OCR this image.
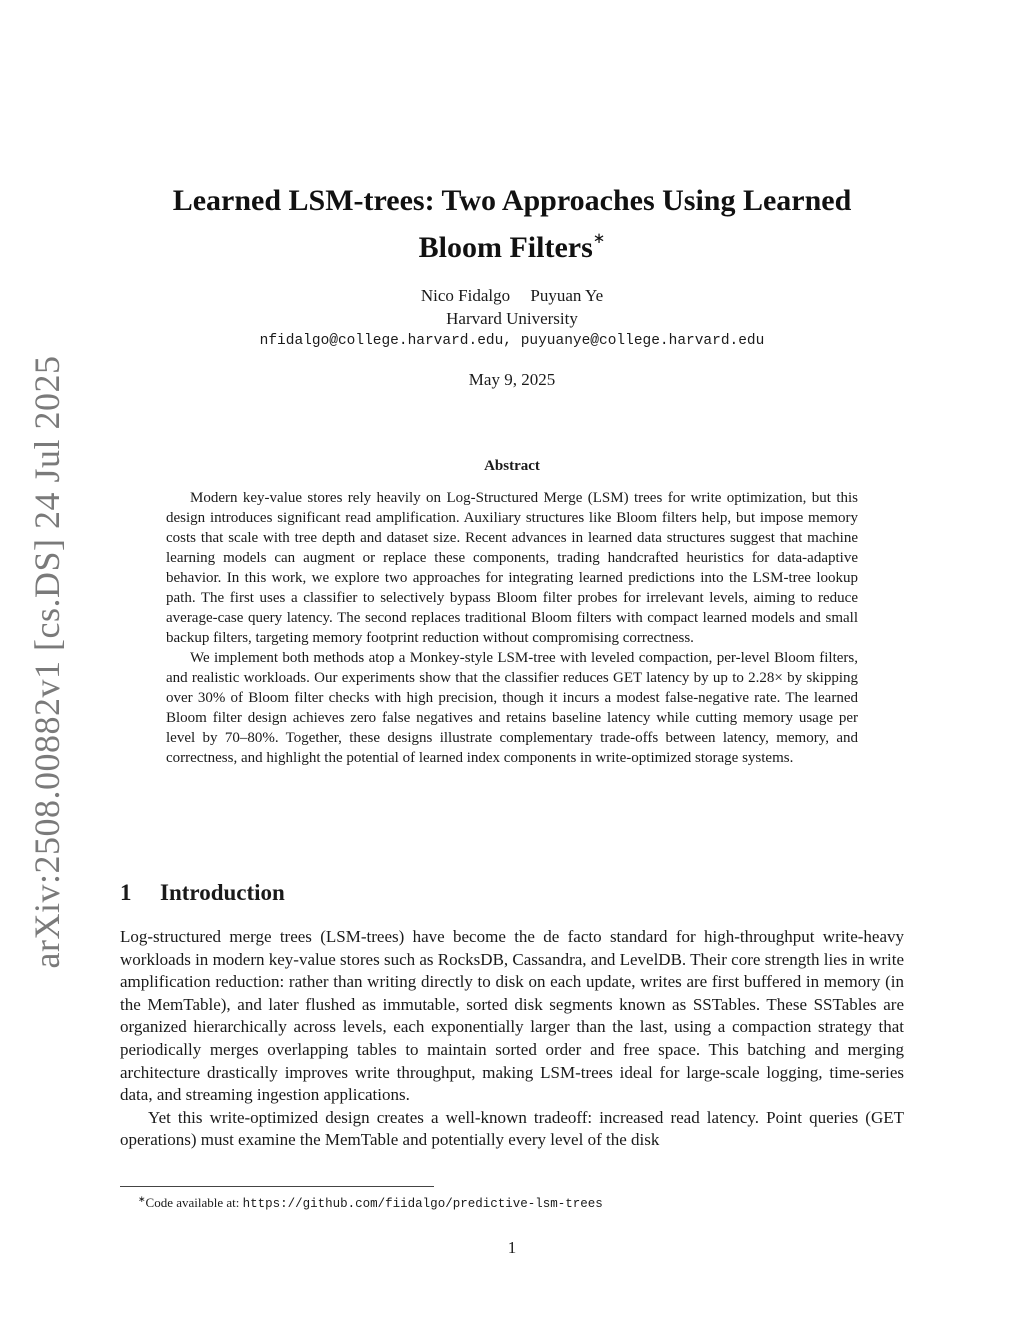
arXiv:2508.00882v1 [cs.DS] 24 Jul 2025
Learned LSM-trees: Two Approaches Using Learned
Bloom Filters∗
Nico Fidalgo Puyuan Ye
Harvard University
nfidalgo@college.harvard.edu, puyuanye@college.harvard.edu
May 9, 2025
Abstract

Modern key-value stores rely heavily on Log-Structured Merge (LSM) trees for write optimization, but this design introduces significant read amplification. Auxiliary structures like Bloom filters help, but impose memory costs that scale with tree depth and dataset size. Recent advances in learned data structures suggest that machine learning models can augment or replace these components, trading handcrafted heuristics for data-adaptive behavior. In this work, we explore two approaches for integrating learned predictions into the LSM-tree lookup path. The first uses a classifier to selectively bypass Bloom filter probes for irrelevant levels, aiming to reduce average-case query latency. The second replaces traditional Bloom filters with compact learned models and small backup filters, targeting memory footprint reduction without compromising correctness.

We implement both methods atop a Monkey-style LSM-tree with leveled compaction, per-level Bloom filters, and realistic workloads. Our experiments show that the classifier reduces GET latency by up to 2.28× by skipping over 30% of Bloom filter checks with high precision, though it incurs a modest false-negative rate. The learned Bloom filter design achieves zero false negatives and retains baseline latency while cutting memory usage per level by 70–80%. Together, these designs illustrate complementary trade-offs between latency, memory, and correctness, and highlight the potential of learned index components in write-optimized storage systems.

1 Introduction

Log-structured merge trees (LSM-trees) have become the de facto standard for high-throughput write-heavy workloads in modern key-value stores such as RocksDB, Cassandra, and LevelDB. Their core strength lies in write amplification reduction: rather than writing directly to disk on each update, writes are first buffered in memory (in the MemTable), and later flushed as immutable, sorted disk segments known as SSTables. These SSTables are organized hierarchically across levels, each exponentially larger than the last, using a compaction strategy that periodically merges overlapping tables to maintain sorted order and free space. This batching and merging architecture drastically improves write throughput, making LSM-trees ideal for large-scale logging, time-series data, and streaming ingestion applications.

Yet this write-optimized design creates a well-known tradeoff: increased read latency. Point queries (GET operations) must examine the MemTable and potentially every level of the disk

∗Code available at: https://github.com/fiidalgo/predictive-lsm-trees
1
